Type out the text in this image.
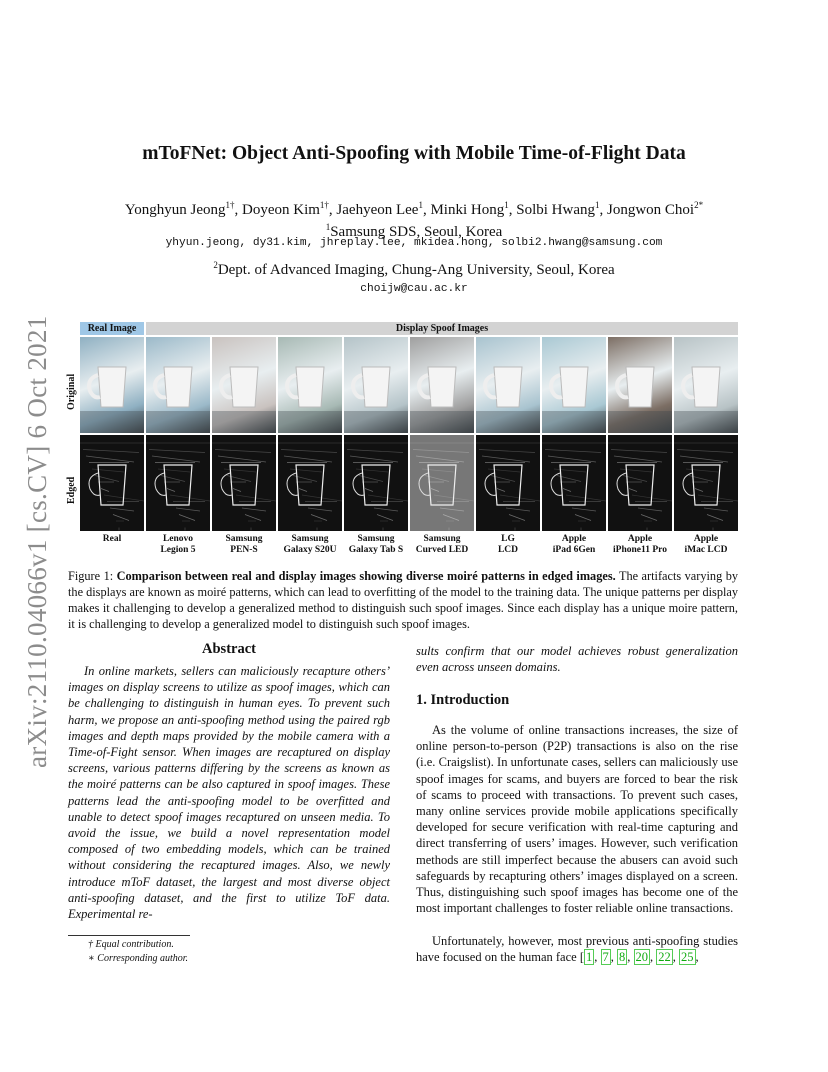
arXiv:2110.04066v1 [cs.CV] 6 Oct 2021
mToFNet: Object Anti-Spoofing with Mobile Time-of-Flight Data
Yonghyun Jeong$^{1\dagger}$, Doyeon Kim$^{1\dagger}$, Jaehyeon Lee$^1$, Minki Hong$^1$, Solbi Hwang$^1$, Jongwon Choi$^{2*}$
$^1$Samsung SDS, Seoul, Korea
yhyun.jeong, dy31.kim, jhreplay.lee, mkidea.hong, solbi2.hwang@samsung.com
$^2$Dept. of Advanced Imaging, Chung-Ang University, Seoul, Korea
choijw@cau.ac.kr
Real Image	Display Spoof Images
Original
Edged
Real	Lenovo
Legion 5
Samsung
PEN-S
Samsung
Galaxy S20U
Samsung
Galaxy Tab S
Samsung
Curved LED
LG
LCD
Apple
iPad 6Gen
Apple
iPhone11 Pro
Apple
iMac LCD
Figure 1: Comparison between real and display images showing diverse moiré patterns in edged images. The artifacts varying by the displays are known as moiré patterns, which can lead to overfitting of the model to the training data. The unique patterns per display makes it challenging to develop a generalized method to distinguish such spoof images. Since each display has a unique moire pattern, it is challenging to develop a generalized model to distinguish such spoof images.
Abstract
In online markets, sellers can maliciously recapture others’ images on display screens to utilize as spoof images, which can be challenging to distinguish in human eyes. To prevent such harm, we propose an anti-spoofing method using the paired rgb images and depth maps provided by the mobile camera with a Time-of-Fight sensor. When images are recaptured on display screens, various patterns differing by the screens as known as the moiré patterns can be also captured in spoof images. These patterns lead the anti-spoofing model to be overfitted and unable to detect spoof images recaptured on unseen media. To avoid the issue, we build a novel representation model composed of two embedding models, which can be trained without considering the recaptured images. Also, we newly introduce mToF dataset, the largest and most diverse object anti-spoofing dataset, and the first to utilize ToF data. Experimental re-
† Equal contribution.
∗ Corresponding author.
sults confirm that our model achieves robust generalization even across unseen domains.
1. Introduction
As the volume of online transactions increases, the size of online person-to-person (P2P) transactions is also on the rise (i.e. Craigslist). In unfortunate cases, sellers can maliciously use spoof images for scams, and buyers are forced to bear the risk of scams to proceed with transactions. To prevent such cases, many online services provide mobile applications specifically developed for secure verification with real-time capturing and direct transferring of users’ images. However, such verification methods are still imperfect because the abusers can avoid such safeguards by recapturing others’ images displayed on a screen. Thus, distinguishing such spoof images has become one of the most important challenges to foster reliable online transactions.
Unfortunately, however, most previous anti-spoofing studies have focused on the human face [ 1 , 7 , 8 , 20 , 22 , 25 ,
